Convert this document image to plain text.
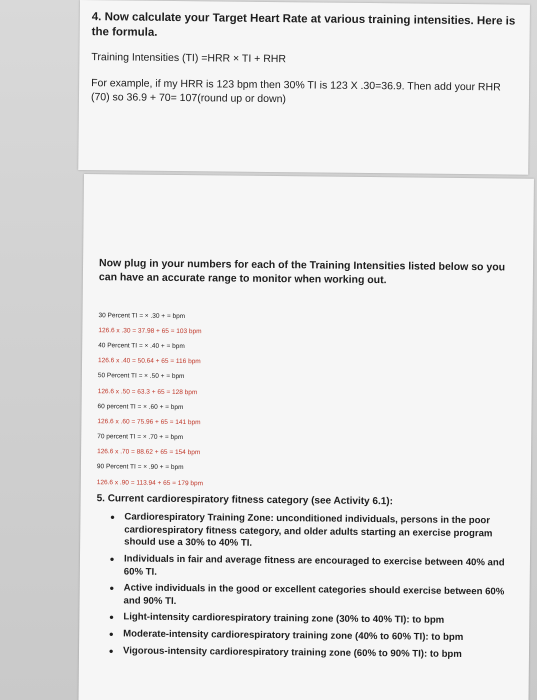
4. Now calculate your Target Heart Rate at various training intensities. Here is the formula.
Training Intensities (TI) =HRR × TI + RHR
For example, if my HRR is 123 bpm then 30% TI is 123 X .30=36.9. Then add your RHR (70) so 36.9 + 70= 107(round up or down)
Now plug in your numbers for each of the Training Intensities listed below so you can have an accurate range to monitor when working out.
30 Percent TI = × .30 + = bpm
126.6 x .30 = 37.98 + 65 = 103 bpm
40 Percent TI = × .40 + = bpm
126.6 x .40 = 50.64 + 65 = 116 bpm
50 Percent TI = × .50 + = bpm
126.6 x .50 = 63.3 + 65 = 128 bpm
60 percent TI = × .60 + = bpm
126.6 x .60 = 75.96 + 65 = 141 bpm
70 percent TI = × .70 + = bpm
126.6 x .70 = 88.62 + 65 = 154 bpm
90 Percent TI = × .90 + = bpm
126.6 x .90 = 113.94 + 65 = 179 bpm
5. Current cardiorespiratory fitness category (see Activity 6.1):
• Cardiorespiratory Training Zone: unconditioned individuals, persons in the poor cardiorespiratory fitness category, and older adults starting an exercise program should use a 30% to 40% TI.
• Individuals in fair and average fitness are encouraged to exercise between 40% and 60% TI.
• Active individuals in the good or excellent categories should exercise between 60% and 90% TI.
• Light-intensity cardiorespiratory training zone (30% to 40% TI): to bpm
• Moderate-intensity cardiorespiratory training zone (40% to 60% TI): to bpm
• Vigorous-intensity cardiorespiratory training zone (60% to 90% TI): to bpm
